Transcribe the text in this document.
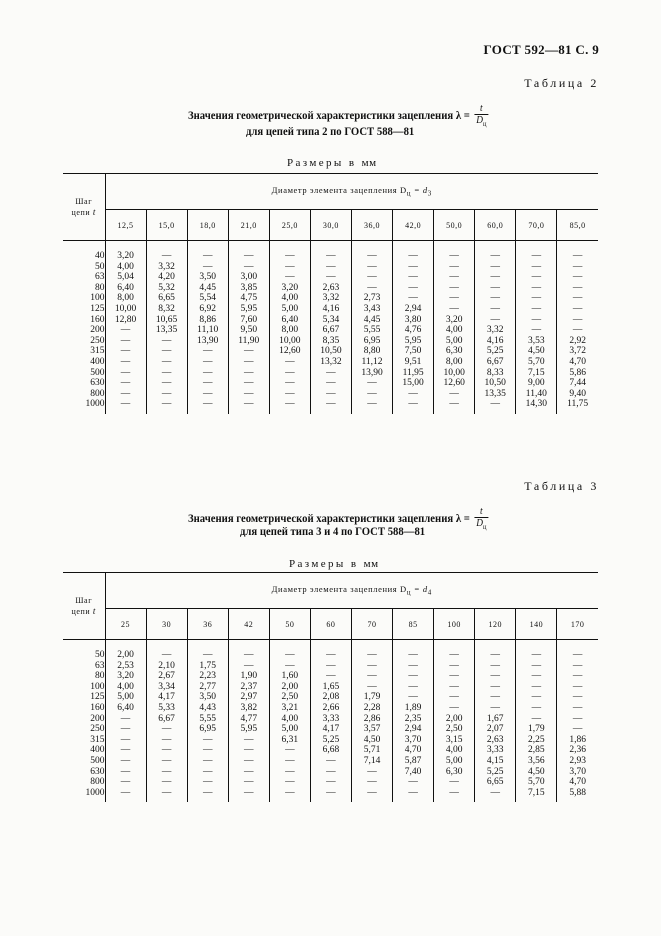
ГОСТ 592—81 С. 9
Таблица 2
Значения геометрической характеристики зацепления $\lambda = \frac{t}{D_ц}$
для цепей типа 2 по ГОСТ 588—81
Размеры в мм
Шаг
цепи t	Диаметр элемента зацепления $D_ц = d_3$
	12,5	15,0	18,0	21,0	25,0	30,0	36,0	42,0	50,0	60,0	70,0	85,0

40	3,20	—	—	—	—	—	—	—	—	—	—	—
50	4,00	3,32	—	—	—	—	—	—	—	—	—	—
63	5,04	4,20	3,50	3,00	—	—	—	—	—	—	—	—
80	6,40	5,32	4,45	3,85	3,20	2,63	—	—	—	—	—	—
100	8,00	6,65	5,54	4,75	4,00	3,32	2,73	—	—	—	—	—
125	10,00	8,32	6,92	5,95	5,00	4,16	3,43	2,94	—	—	—	—
160	12,80	10,65	8,86	7,60	6,40	5,34	4,45	3,80	3,20	—	—	—
200	—	13,35	11,10	9,50	8,00	6,67	5,55	4,76	4,00	3,32	—	—
250	—	—	13,90	11,90	10,00	8,35	6,95	5,95	5,00	4,16	3,53	2,92
315	—	—	—	—	12,60	10,50	8,80	7,50	6,30	5,25	4,50	3,72
400	—	—	—	—	—	13,32	11,12	9,51	8,00	6,67	5,70	4,70
500	—	—	—	—	—	—	13,90	11,95	10,00	8,33	7,15	5,86
630	—	—	—	—	—	—	—	15,00	12,60	10,50	9,00	7,44
800	—	—	—	—	—	—	—	—	—	13,35	11,40	9,40
1000	—	—	—	—	—	—	—	—	—	—	14,30	11,75

Таблица 3
Значения геометрической характеристики зацепления $\lambda = \frac{t}{D_ц}$
для цепей типа 3 и 4 по ГОСТ 588—81
Размеры в мм
Шаг
цепи t	Диаметр элемента зацепления $D_ц = d_4$
	25	30	36	42	50	60	70	85	100	120	140	170

50	2,00	—	—	—	—	—	—	—	—	—	—	—
63	2,53	2,10	1,75	—	—	—	—	—	—	—	—	—
80	3,20	2,67	2,23	1,90	1,60	—	—	—	—	—	—	—
100	4,00	3,34	2,77	2,37	2,00	1,65	—	—	—	—	—	—
125	5,00	4,17	3,50	2,97	2,50	2,08	1,79	—	—	—	—	—
160	6,40	5,33	4,43	3,82	3,21	2,66	2,28	1,89	—	—	—	—
200	—	6,67	5,55	4,77	4,00	3,33	2,86	2,35	2,00	1,67	—	—
250	—	—	6,95	5,95	5,00	4,17	3,57	2,94	2,50	2,07	1,79	—
315	—	—	—	—	6,31	5,25	4,50	3,70	3,15	2,63	2,25	1,86
400	—	—	—	—	—	6,68	5,71	4,70	4,00	3,33	2,85	2,36
500	—	—	—	—	—	—	7,14	5,87	5,00	4,15	3,56	2,93
630	—	—	—	—	—	—	—	7,40	6,30	5,25	4,50	3,70
800	—	—	—	—	—	—	—	—	—	6,65	5,70	4,70
1000	—	—	—	—	—	—	—	—	—	—	7,15	5,88
